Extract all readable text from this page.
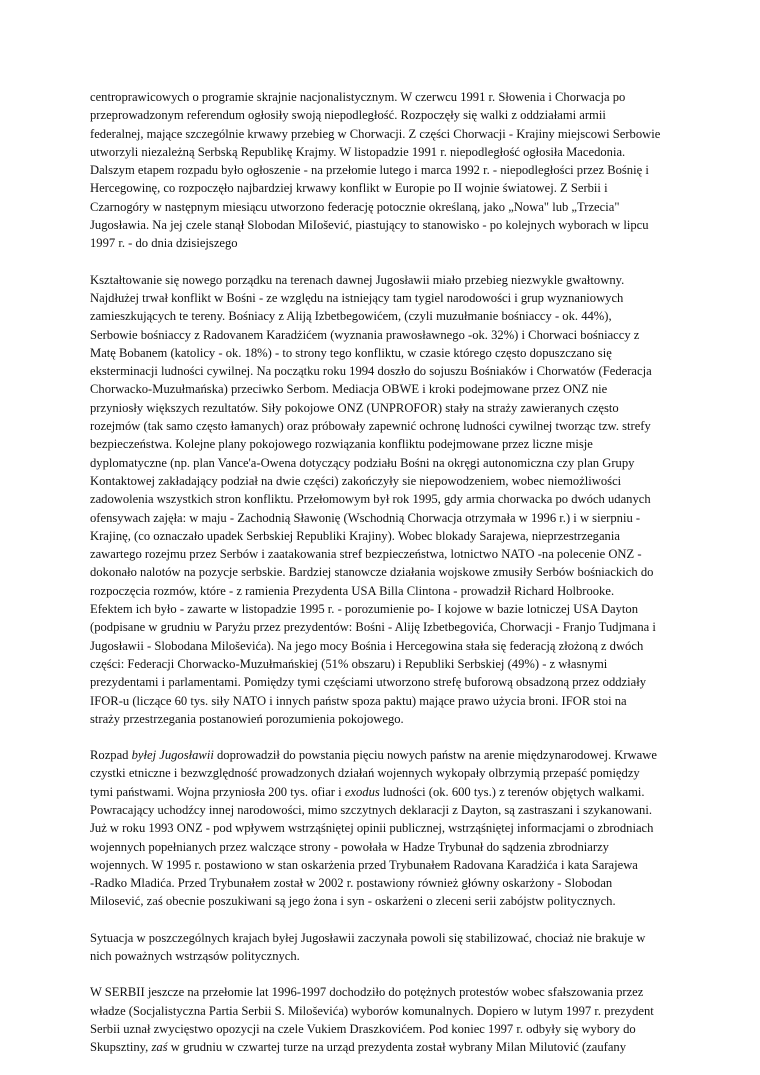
centroprawicowych o programie skrajnie nacjonalistycznym. W czerwcu 1991 r. Słowenia i Chorwacja po
przeprowadzonym referendum ogłosiły swoją niepodległość. Rozpoczęły się walki z oddziałami armii
federalnej, mające szczególnie krwawy przebieg w Chorwacji. Z części Chorwacji - Krajiny miejscowi Serbowie
utworzyli niezależną Serbską Republikę Krajmy. W listopadzie 1991 r. niepodległość ogłosiła Macedonia.
Dalszym etapem rozpadu było ogłoszenie - na przełomie lutego i marca 1992 r. - niepodległości przez Bośnię i
Hercegowinę, co rozpoczęło najbardziej krwawy konflikt w Europie po II wojnie światowej. Z Serbii i
Czarnogóry w następnym miesiącu utworzono federację potocznie określaną, jako „Nowa" lub „Trzecia"
Jugosławia. Na jej czele stanął Slobodan MiIošević, piastujący to stanowisko - po kolejnych wyborach w lipcu
1997 r. - do dnia dzisiejszego

Kształtowanie się nowego porządku na terenach dawnej Jugosławii miało przebieg niezwykle gwałtowny.
Najdłużej trwał konflikt w Bośni - ze względu na istniejący tam tygiel narodowości i grup wyznaniowych
zamieszkujących te tereny. Bośniacy z Aliją Izbetbegowićem, (czyli muzułmanie bośniaccy - ok. 44%),
Serbowie bośniaccy z Radovanem Karadżićem (wyznania prawosławnego -ok. 32%) i Chorwaci bośniaccy z
Matę Bobanem (katolicy - ok. 18%) - to strony tego konfliktu, w czasie którego często dopuszczano się
eksterminacji ludności cywilnej. Na początku roku 1994 doszło do sojuszu Bośniaków i Chorwatów (Federacja
Chorwacko-Muzułmańska) przeciwko Serbom. Mediacja OBWE i kroki podejmowane przez ONZ nie
przyniosły większych rezultatów. Siły pokojowe ONZ (UNPROFOR) stały na straży zawieranych często
rozejmów (tak samo często łamanych) oraz próbowały zapewnić ochronę ludności cywilnej tworząc tzw. strefy
bezpieczeństwa. Kolejne plany pokojowego rozwiązania konfliktu podejmowane przez liczne misje
dyplomatyczne (np. plan Vance'a-Owena dotyczący podziału Bośni na okręgi autonomiczna czy plan Grupy
Kontaktowej zakładający podział na dwie części) zakończyły sie niepowodzeniem, wobec niemożliwości
zadowolenia wszystkich stron konfliktu. Przełomowym był rok 1995, gdy armia chorwacka po dwóch udanych
ofensywach zajęła: w maju - Zachodnią Sławonię (Wschodnią Chorwacja otrzymała w 1996 r.) i w sierpniu -
Krajinę, (co oznaczało upadek Serbskiej Republiki Krajiny). Wobec blokady Sarajewa, nieprzestrzegania
zawartego rozejmu przez Serbów i zaatakowania stref bezpieczeństwa, lotnictwo NATO -na polecenie ONZ -
dokonało nalotów na pozycje serbskie. Bardziej stanowcze działania wojskowe zmusiły Serbów bośniackich do
rozpoczęcia rozmów, które - z ramienia Prezydenta USA Billa Clintona - prowadził Richard Holbrooke.
Efektem ich było - zawarte w listopadzie 1995 r. - porozumienie po- I kojowe w bazie lotniczej USA Dayton
(podpisane w grudniu w Paryżu przez prezydentów: Bośni - Aliję Izbetbegovića, Chorwacji - Franjo Tudjmana i
Jugosławii - Slobodana Miloševića). Na jego mocy Bośnia i Hercegowina stała się federacją złożoną z dwóch
części: Federacji Chorwacko-Muzułmańskiej (51% obszaru) i Republiki Serbskiej (49%) - z własnymi
prezydentami i parlamentami. Pomiędzy tymi częściami utworzono strefę buforową obsadzoną przez oddziały
IFOR-u (liczące 60 tys. siły NATO i innych państw spoza paktu) mające prawo użycia broni. IFOR stoi na
straży przestrzegania postanowień porozumienia pokojowego.

Rozpad byłej Jugosławii doprowadził do powstania pięciu nowych państw na arenie międzynarodowej. Krwawe
czystki etniczne i bezwzględność prowadzonych działań wojennych wykopały olbrzymią przepaść pomiędzy
tymi państwami. Wojna przyniosła 200 tys. ofiar i exodus ludności (ok. 600 tys.) z terenów objętych walkami.
Powracający uchodźcy innej narodowości, mimo szczytnych deklaracji z Dayton, są zastraszani i szykanowani.
Już w roku 1993 ONZ - pod wpływem wstrząśniętej opinii publicznej, wstrząśniętej informacjami o zbrodniach
wojennych popełnianych przez walczące strony - powołała w Hadze Trybunał do sądzenia zbrodniarzy
wojennych. W 1995 r. postawiono w stan oskarżenia przed Trybunałem Radovana Karadżića i kata Sarajewa
-Radko Mladića. Przed Trybunałem został w 2002 r. postawiony również główny oskarżony - Slobodan
Milosević, zaś obecnie poszukiwani są jego żona i syn - oskarżeni o zleceni serii zabójstw politycznych.

Sytuacja w poszczególnych krajach byłej Jugosławii zaczynała powoli się stabilizować, chociaż nie brakuje w
nich poważnych wstrząsów politycznych.

W SERBII jeszcze na przełomie lat 1996-1997 dochodziło do potężnych protestów wobec sfałszowania przez
władze (Socjalistyczna Partia Serbii S. Miloševića) wyborów komunalnych. Dopiero w lutym 1997 r. prezydent
Serbii uznał zwycięstwo opozycji na czele Vukiem Draszkovićem. Pod koniec 1997 r. odbyły się wybory do
Skupsztiny, zaś w grudniu w czwartej turze na urząd prezydenta został wybrany Milan Milutović (zaufany
